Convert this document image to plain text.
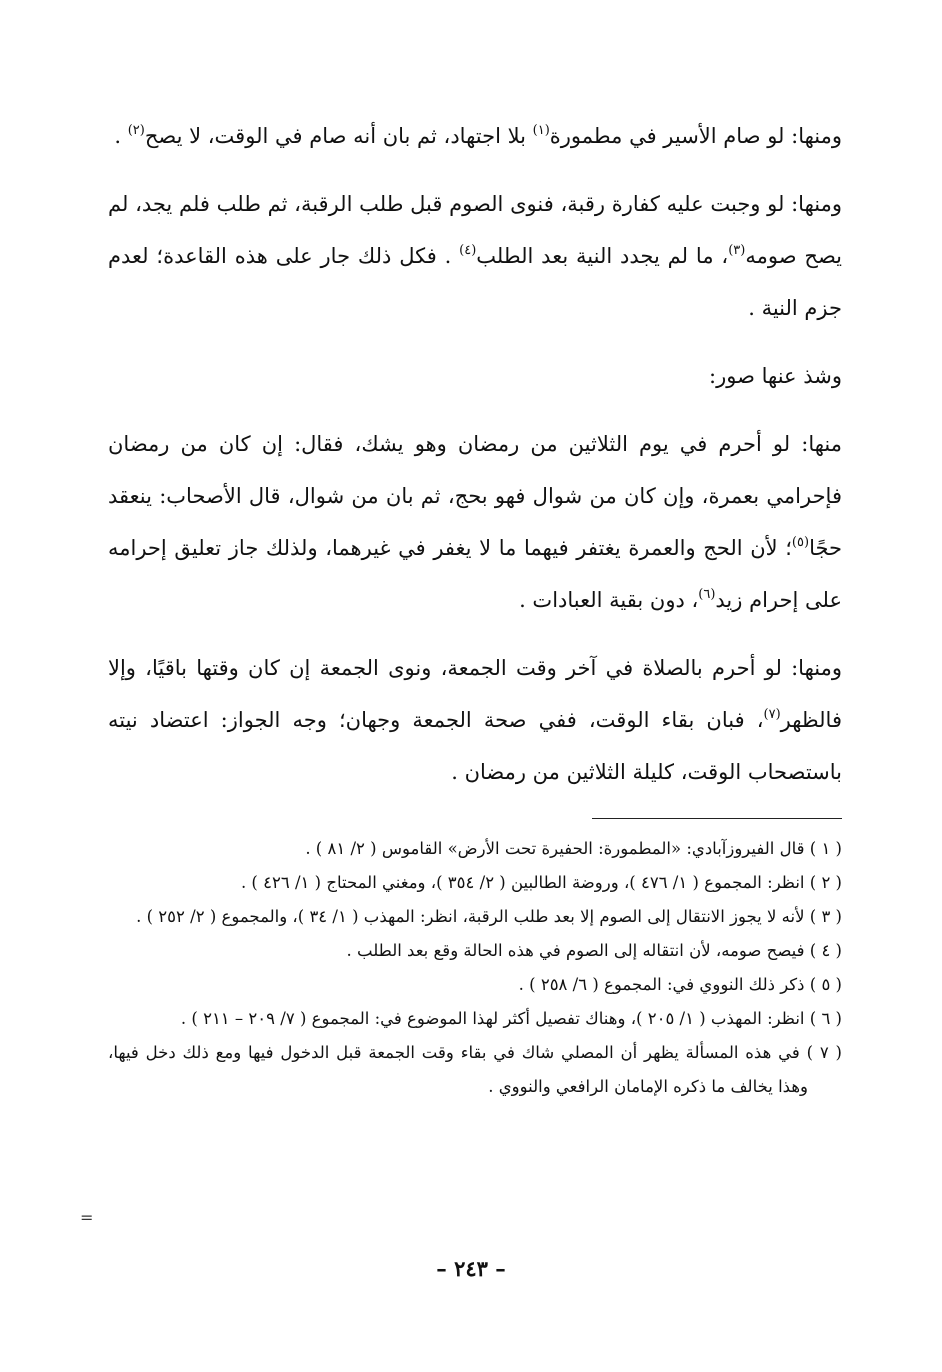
ومنها: لو صام الأسير في مطمورة$^{(١)}$ بلا اجتهاد، ثم بان أنه صام في الوقت، لا يصح$^{(٢)}$ .

ومنها: لو وجبت عليه كفارة رقبة، فنوى الصوم قبل طلب الرقبة، ثم طلب فلم يجد، لم يصح صومه$^{(٣)}$، ما لم يجدد النية بعد الطلب$^{(٤)}$ . فكل ذلك جار على هذه القاعدة؛ لعدم جزم النية .

وشذ عنها صور:

منها: لو أحرم في يوم الثلاثين من رمضان وهو يشك، فقال: إن كان من رمضان فإحرامي بعمرة، وإن كان من شوال فهو بحج، ثم بان من شوال، قال الأصحاب: ينعقد حجًا$^{(٥)}$؛ لأن الحج والعمرة يغتفر فيهما ما لا يغفر في غيرهما، ولذلك جاز تعليق إحرامه على إحرام زيد$^{(٦)}$، دون بقية العبادات .

ومنها: لو أحرم بالصلاة في آخر وقت الجمعة، ونوى الجمعة إن كان وقتها باقيًا، وإلا فالظهر$^{(٧)}$، فبان بقاء الوقت، ففي صحة الجمعة وجهان؛ وجه الجواز: اعتضاد نيته باستصحاب الوقت، كليلة الثلاثين من رمضان .

( ١ ) قال الفيروزآبادي: «المطمورة: الحفيرة تحت الأرض» القاموس ( ٢/ ٨١ ) .

( ٢ ) انظر: المجموع ( ١/ ٤٧٦ )، وروضة الطالبين ( ٢/ ٣٥٤ )، ومغني المحتاج ( ١/ ٤٢٦ ) .

( ٣ ) لأنه لا يجوز الانتقال إلى الصوم إلا بعد طلب الرقبة، انظر: المهذب ( ١/ ٣٤ )، والمجموع ( ٢/ ٢٥٢ ) .

( ٤ ) فيصح صومه، لأن انتقاله إلى الصوم في هذه الحالة وقع بعد الطلب .

( ٥ ) ذكر ذلك النووي في: المجموع ( ٦/ ٢٥٨ ) .

( ٦ ) انظر: المهذب ( ١/ ٢٠٥ )، وهناك تفصيل أكثر لهذا الموضوع في: المجموع ( ٧/ ٢٠٩ – ٢١١ ) .

( ٧ ) في هذه المسألة يظهر أن المصلي شاك في بقاء وقت الجمعة قبل الدخول فيها ومع ذلك دخل فيها، وهذا يخالف ما ذكره الإمامان الرافعي والنووي .

=
– ٢٤٣ –
